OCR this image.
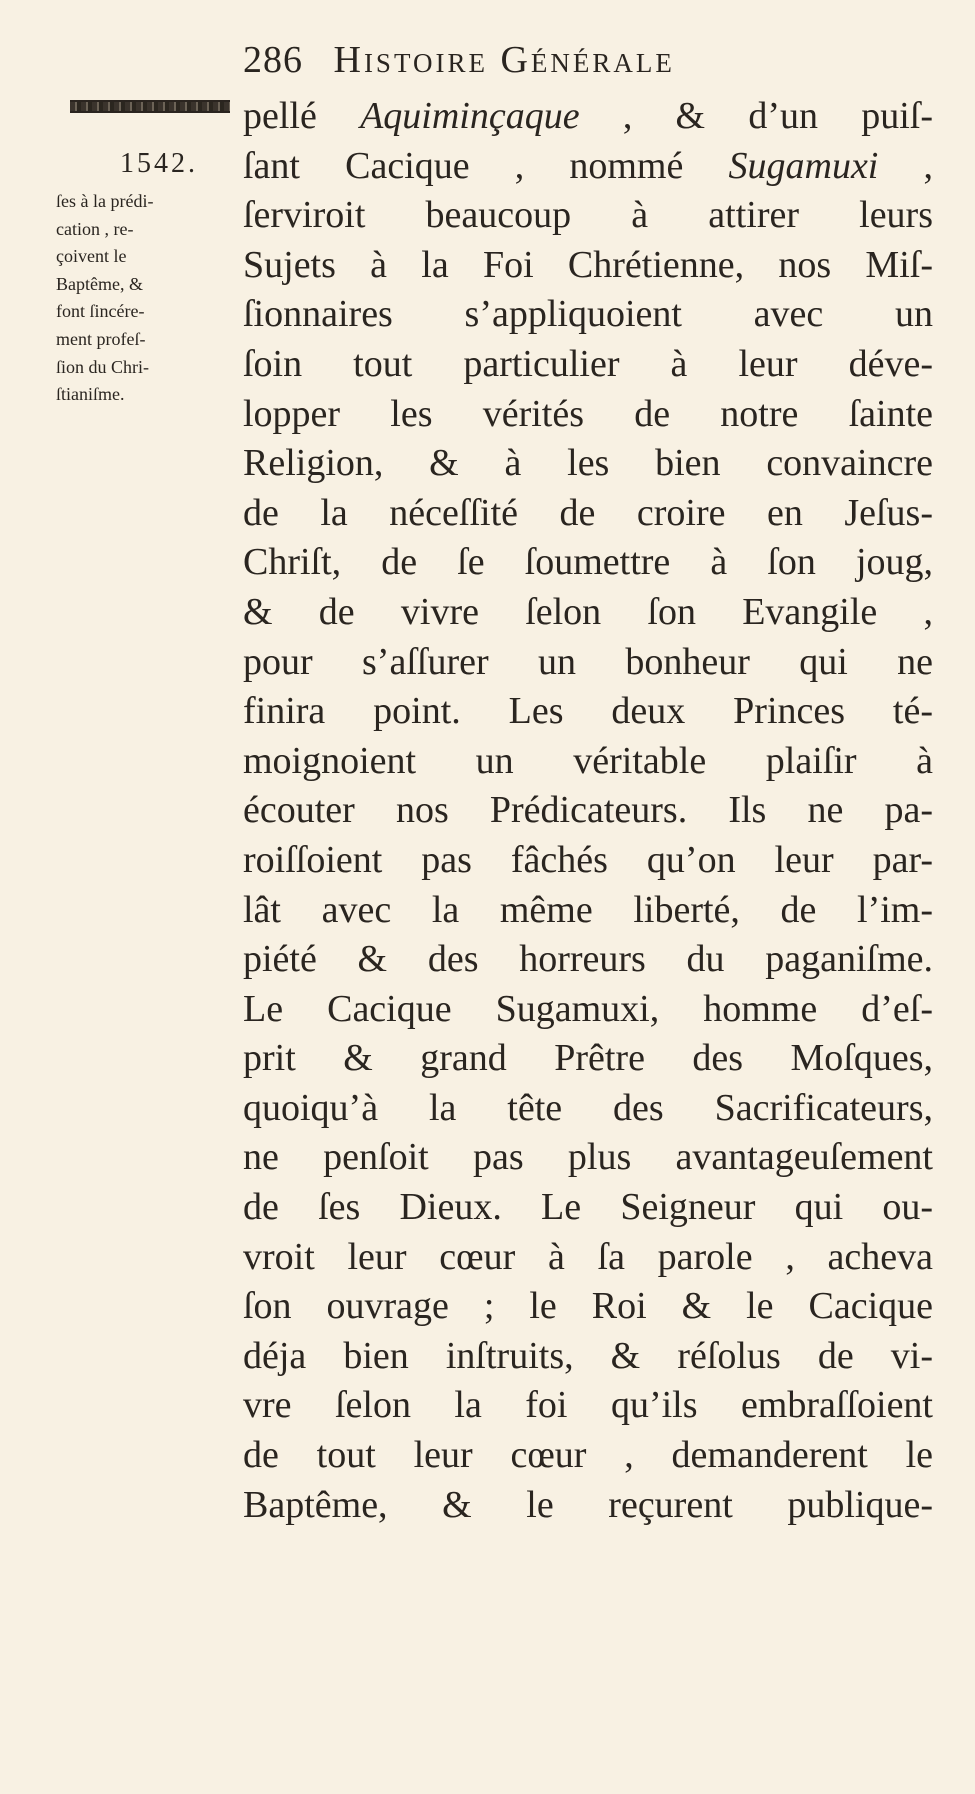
286 Histoire Générale
1542.
ſes à la prédi-
cation , re-
çoivent le
Baptême, &
font ſincére-
ment profeſ-
ſion du Chri-
ſtianiſme.
pellé Aquiminçaque , & d’un puiſ-
ſant Cacique , nommé Sugamuxi ,
ſerviroit beaucoup à attirer leurs
Sujets à la Foi Chrétienne, nos Miſ-
ſionnaires s’appliquoient avec un
ſoin tout particulier à leur déve-
lopper les vérités de notre ſainte
Religion, & à les bien convaincre
de la néceſſité de croire en Jeſus-
Chriſt, de ſe ſoumettre à ſon joug,
& de vivre ſelon ſon Evangile ,
pour s’aſſurer un bonheur qui ne
finira point. Les deux Princes té-
moignoient un véritable plaiſir à
écouter nos Prédicateurs. Ils ne pa-
roiſſoient pas fâchés qu’on leur par-
lât avec la même liberté, de l’im-
piété & des horreurs du paganiſme.
Le Cacique Sugamuxi, homme d’eſ-
prit & grand Prêtre des Moſques,
quoiqu’à la tête des Sacrificateurs,
ne penſoit pas plus avantageuſement
de ſes Dieux. Le Seigneur qui ou-
vroit leur cœur à ſa parole , acheva
ſon ouvrage ; le Roi & le Cacique
déja bien inſtruits, & réſolus de vi-
vre ſelon la foi qu’ils embraſſoient
de tout leur cœur , demanderent le
Baptême, & le reçurent publique-
